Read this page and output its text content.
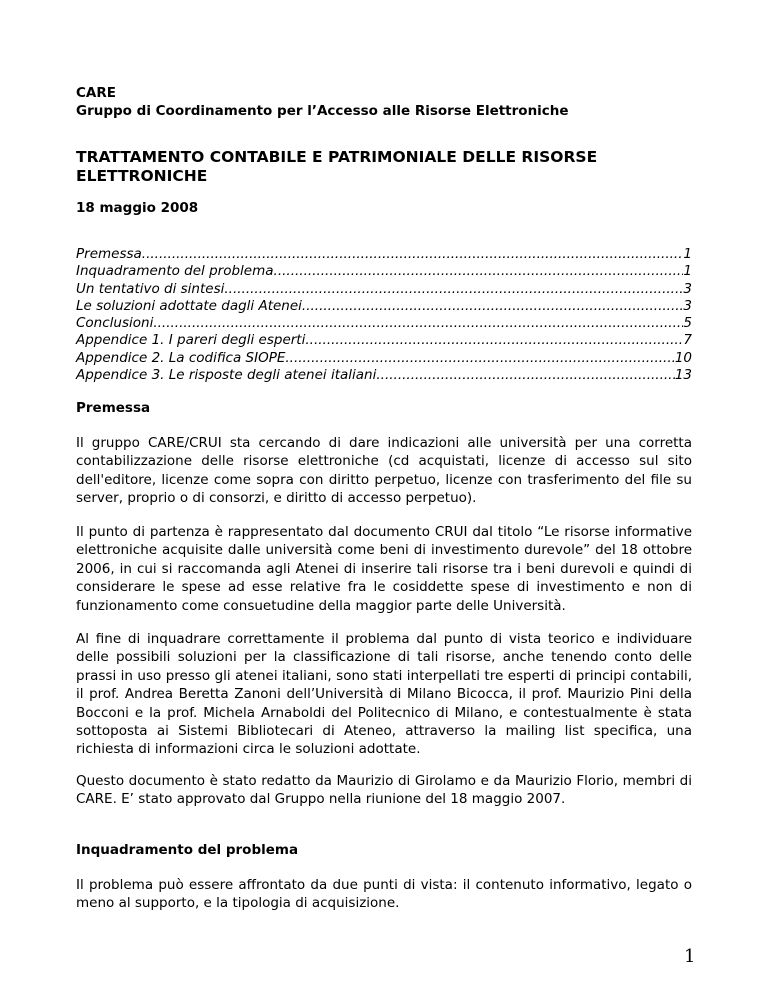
CARE
Gruppo di Coordinamento per l’Accesso alle Risorse Elettroniche
TRATTAMENTO CONTABILE E PATRIMONIALE DELLE RISORSE ELETTRONICHE

18 maggio 2008

Premessa .....	1
Inquadramento del problema .....	1
Un tentativo di sintesi .....	3
Le soluzioni adottate dagli Atenei .....	3
Conclusioni .....	5
Appendice 1. I pareri degli esperti .....	7
Appendice 2. La codifica SIOPE .....	10
Appendice 3. Le risposte degli atenei italiani .....	13
Premessa

Il gruppo CARE/CRUI sta cercando di dare indicazioni alle università per una corretta contabilizzazione delle risorse elettroniche (cd acquistati, licenze di accesso sul sito dell'editore, licenze come sopra con diritto perpetuo, licenze con trasferimento del file su server, proprio o di consorzi, e diritto di accesso perpetuo).

Il punto di partenza è rappresentato dal documento CRUI dal titolo “Le risorse informative elettroniche acquisite dalle università come beni di investimento durevole” del 18 ottobre 2006, in cui si raccomanda agli Atenei di inserire tali risorse tra i beni durevoli e quindi di considerare le spese ad esse relative fra le cosiddette spese di investimento e non di funzionamento come consuetudine della maggior parte delle Università.

Al fine di inquadrare correttamente il problema dal punto di vista teorico e individuare delle possibili soluzioni per la classificazione di tali risorse, anche tenendo conto delle prassi in uso presso gli atenei italiani, sono stati interpellati tre esperti di principi contabili, il prof. Andrea Beretta Zanoni dell’Università di Milano Bicocca, il prof. Maurizio Pini della Bocconi e la prof. Michela Arnaboldi del Politecnico di Milano, e contestualmente è stata sottoposta ai Sistemi Bibliotecari di Ateneo, attraverso la mailing list specifica, una richiesta di informazioni circa le soluzioni adottate.

Questo documento è stato redatto da Maurizio di Girolamo e da Maurizio Florio, membri di CARE. E’ stato approvato dal Gruppo nella riunione del 18 maggio 2007.

Inquadramento del problema

Il problema può essere affrontato da due punti di vista: il contenuto informativo, legato o meno al supporto, e la tipologia di acquisizione.

1
